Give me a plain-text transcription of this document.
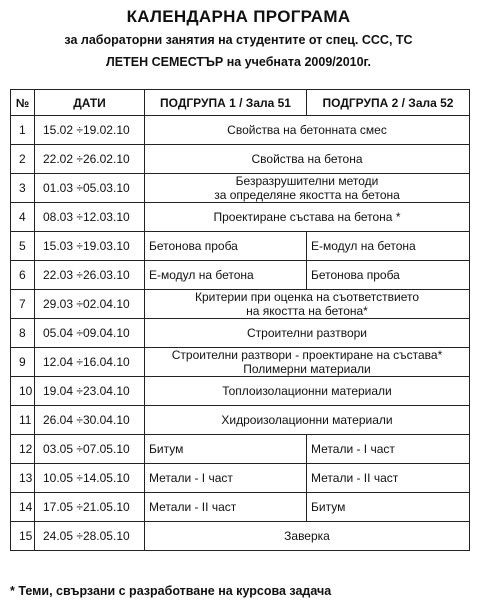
КАЛЕНДАРНА ПРОГРАМА
за лабораторни занятия на студентите от спец. ССС, ТС
ЛЕТЕН СЕМЕСТЪР на учебната 2009/2010г.
№	ДАТИ	ПОДГРУПА 1 / Зала 51	ПОДГРУПА 2 / Зала 52
1	15.02 ÷19.02.10	Свойства на бетонната смес	
2	22.02 ÷26.02.10	Свойства на бетона	
3	01.03 ÷05.03.10	Безразрушителни методи
за определяне якостта на бетона	
4	08.03 ÷12.03.10	Проектиране състава на бетона *	
5	15.03 ÷19.03.10	Бетонова проба	Е-модул на бетона
6	22.03 ÷26.03.10	Е-модул на бетона	Бетонова проба
7	29.03 ÷02.04.10	Критерии при оценка на съответствието
на якостта на бетона*	
8	05.04 ÷09.04.10	Строителни разтвори	
9	12.04 ÷16.04.10	Строителни разтвори - проектиране на състава*
Полимерни материали	
10	19.04 ÷23.04.10	Топлоизолационни материали	
11	26.04 ÷30.04.10	Хидроизолационни материали	
12	03.05 ÷07.05.10	Битум	Метали - I част
13	10.05 ÷14.05.10	Метали - I част	Метали - II част
14	17.05 ÷21.05.10	Метали - II част	Битум
15	24.05 ÷28.05.10	Заверка	
* Теми, свързани с разработване на курсова задача
